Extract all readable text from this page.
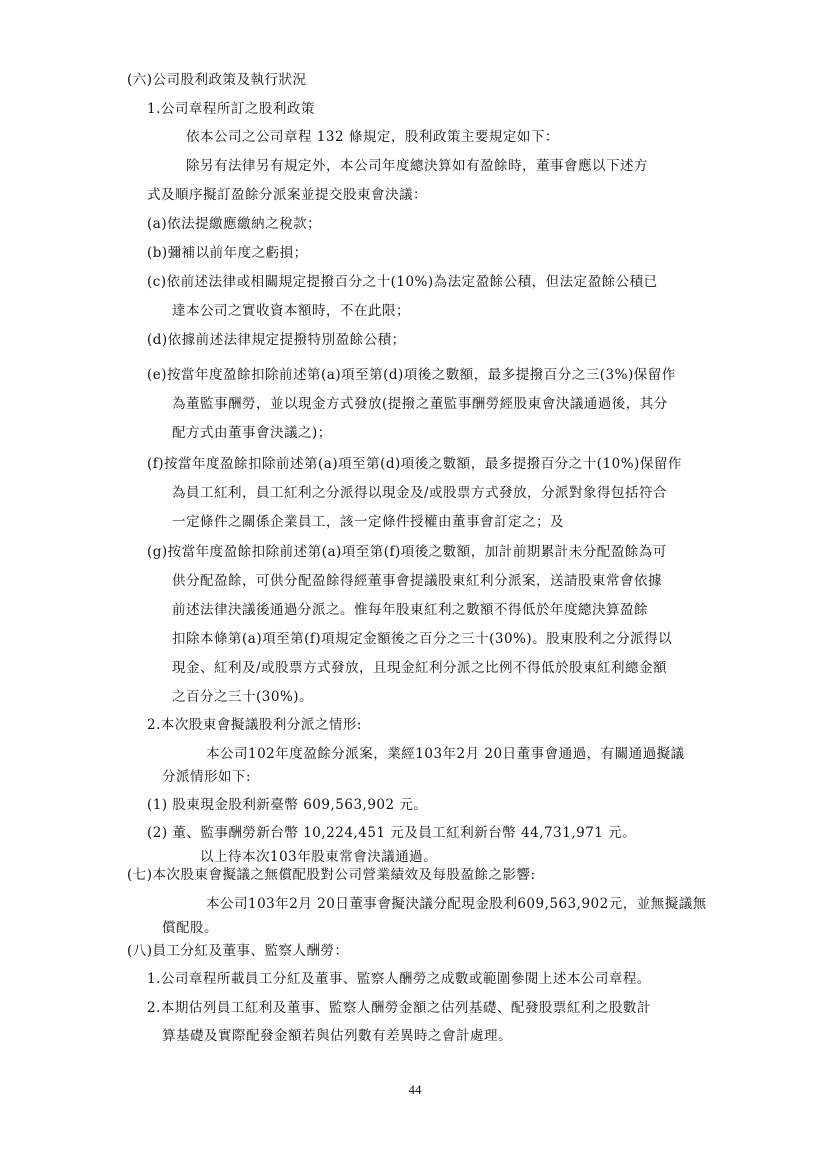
(六)公司股利政策及執行狀況
1.公司章程所訂之股利政策
依本公司之公司章程 132 條規定，股利政策主要規定如下：
除另有法律另有規定外，本公司年度總決算如有盈餘時，董事會應以下述方
式及順序擬訂盈餘分派案並提交股東會決議：
(a)依法提繳應繳納之稅款；
(b)彌補以前年度之虧損；
(c)依前述法律或相關規定提撥百分之十(10%)為法定盈餘公積，但法定盈餘公積已
達本公司之實收資本額時，不在此限；
(d)依據前述法律規定提撥特別盈餘公積；
(e)按當年度盈餘扣除前述第(a)項至第(d)項後之數額，最多提撥百分之三(3%)保留作
為董監事酬勞，並以現金方式發放(提撥之董監事酬勞經股東會決議通過後，其分
配方式由董事會決議之)；
(f)按當年度盈餘扣除前述第(a)項至第(d)項後之數額，最多提撥百分之十(10%)保留作
為員工紅利，員工紅利之分派得以現金及/或股票方式發放，分派對象得包括符合
一定條件之關係企業員工，該一定條件授權由董事會訂定之；及
(g)按當年度盈餘扣除前述第(a)項至第(f)項後之數額，加計前期累計未分配盈餘為可
供分配盈餘，可供分配盈餘得經董事會提議股東紅利分派案，送請股東常會依據
前述法律決議後通過分派之。惟每年股東紅利之數額不得低於年度總決算盈餘
扣除本條第(a)項至第(f)項規定金額後之百分之三十(30%)。股東股利之分派得以
現金、紅利及/或股票方式發放，且現金紅利分派之比例不得低於股東紅利總金額
之百分之三十(30%)。
2.本次股東會擬議股利分派之情形:
本公司102年度盈餘分派案，業經103年2月 20日董事會通過，有關通過擬議
分派情形如下:
(1) 股東現金股利新臺幣 609,563,902 元。
(2) 董、監事酬勞新台幣 10,224,451 元及員工紅利新台幣 44,731,971 元。
以上待本次103年股東常會決議通過。
(七)本次股東會擬議之無償配股對公司營業績效及每股盈餘之影響:
本公司103年2月 20日董事會擬決議分配現金股利609,563,902元，並無擬議無
償配股。
(八)員工分紅及董事、監察人酬勞：
1.公司章程所載員工分紅及董事、監察人酬勞之成數或範圍參閱上述本公司章程。
2.本期估列員工紅利及董事、監察人酬勞金額之估列基礎、配發股票紅利之股數計
算基礎及實際配發金額若與估列數有差異時之會計處理。
44
